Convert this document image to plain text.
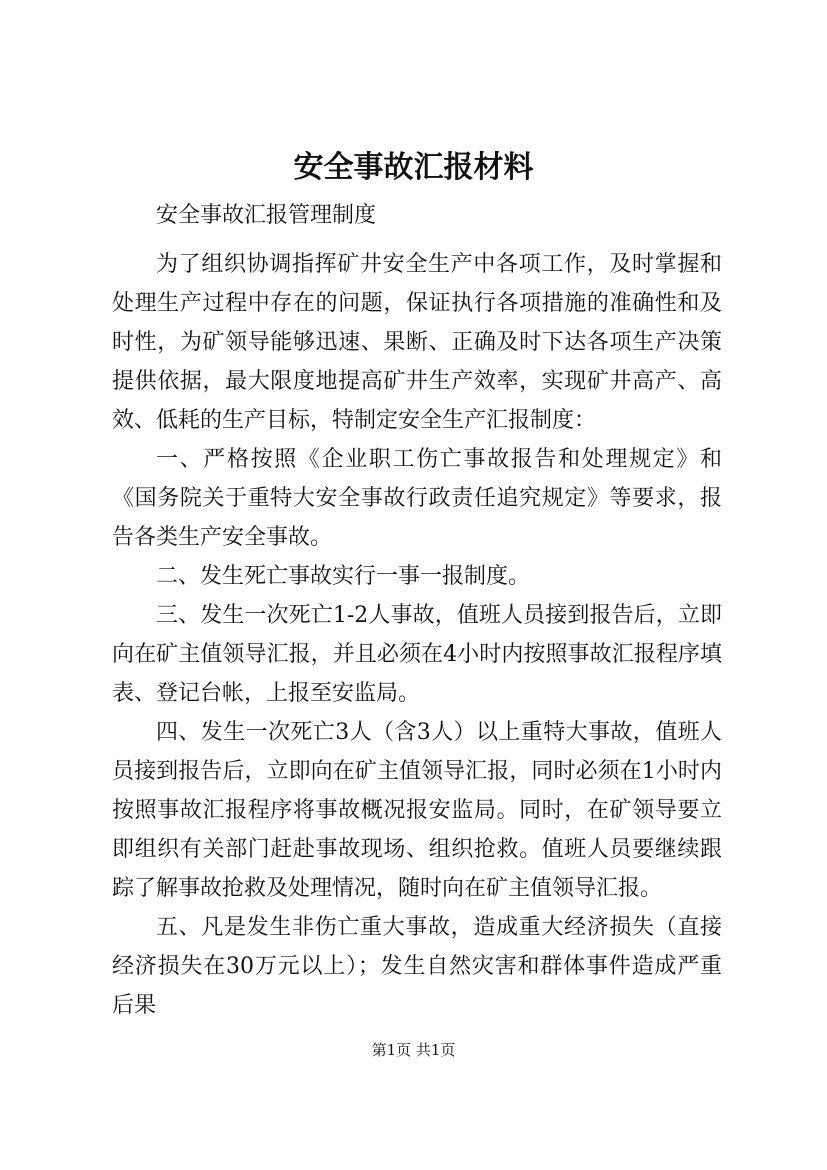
安全事故汇报材料

安全事故汇报管理制度

为了组织协调指挥矿井安全生产中各项工作，及时掌握和处理生产过程中存在的问题，保证执行各项措施的准确性和及时性，为矿领导能够迅速、果断、正确及时下达各项生产决策提供依据，最大限度地提高矿井生产效率，实现矿井高产、高效、低耗的生产目标，特制定安全生产汇报制度：

一、严格按照《企业职工伤亡事故报告和处理规定》和《国务院关于重特大安全事故行政责任追究规定》等要求，报告各类生产安全事故。

二、发生死亡事故实行一事一报制度。

三、发生一次死亡1-2人事故，值班人员接到报告后，立即向在矿主值领导汇报，并且必须在4小时内按照事故汇报程序填表、登记台帐，上报至安监局。

四、发生一次死亡3人（含3人）以上重特大事故，值班人员接到报告后，立即向在矿主值领导汇报，同时必须在1小时内按照事故汇报程序将事故概况报安监局。同时，在矿领导要立即组织有关部门赶赴事故现场、组织抢救。值班人员要继续跟踪了解事故抢救及处理情况，随时向在矿主值领导汇报。

五、凡是发生非伤亡重大事故，造成重大经济损失（直接经济损失在30万元以上）；发生自然灾害和群体事件造成严重后果

第1页 共1页
